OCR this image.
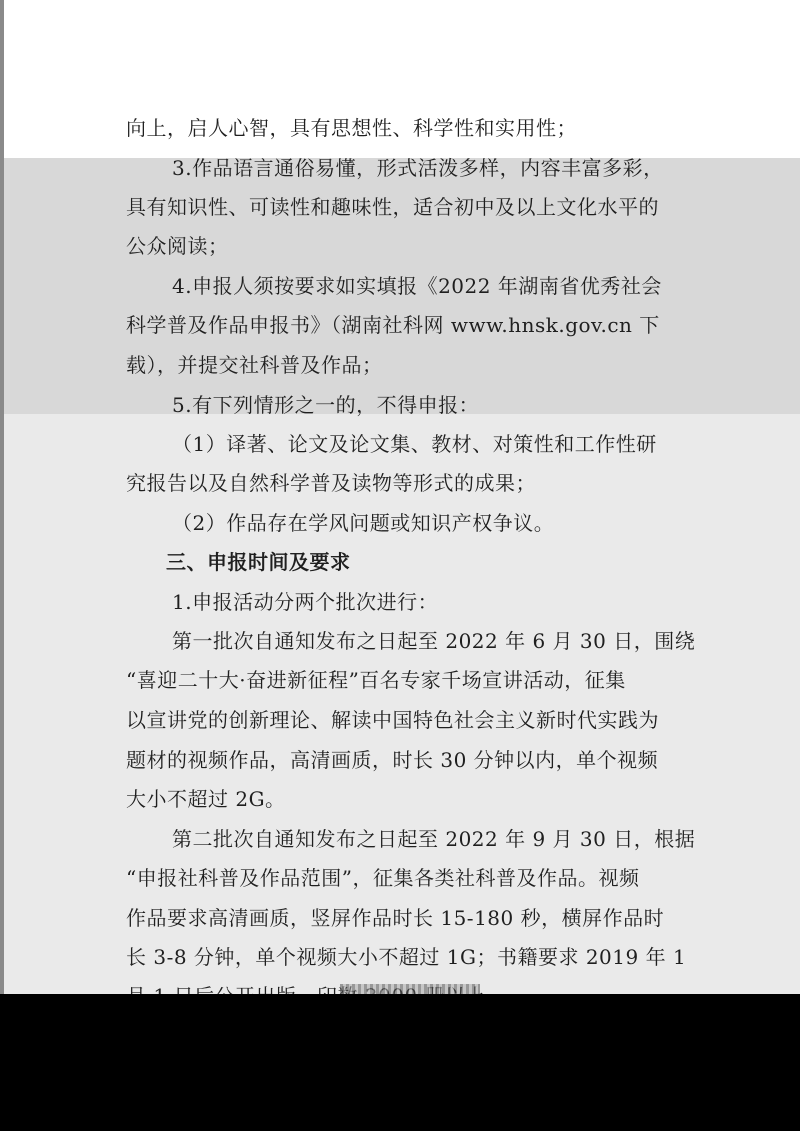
向上，启人心智，具有思想性、科学性和实用性；
3.作品语言通俗易懂，形式活泼多样，内容丰富多彩，
具有知识性、可读性和趣味性，适合初中及以上文化水平的
公众阅读；
4.申报人须按要求如实填报《2022 年湖南省优秀社会
科学普及作品申报书》（湖南社科网 www.hnsk.gov.cn 下
载），并提交社科普及作品；
5.有下列情形之一的，不得申报：
（1）译著、论文及论文集、教材、对策性和工作性研
究报告以及自然科学普及读物等形式的成果；
（2）作品存在学风问题或知识产权争议。
三、申报时间及要求
1.申报活动分两个批次进行：
第一批次自通知发布之日起至 2022 年 6 月 30 日，围绕
“喜迎二十大·奋进新征程”百名专家千场宣讲活动，征集
以宣讲党的创新理论、解读中国特色社会主义新时代实践为
题材的视频作品，高清画质，时长 30 分钟以内，单个视频
大小不超过 2G。
第二批次自通知发布之日起至 2022 年 9 月 30 日，根据
“申报社科普及作品范围”，征集各类社科普及作品。视频
作品要求高清画质，竖屏作品时长 15-180 秒，横屏作品时
长 3-8 分钟，单个视频大小不超过 1G；书籍要求 2019 年 1
